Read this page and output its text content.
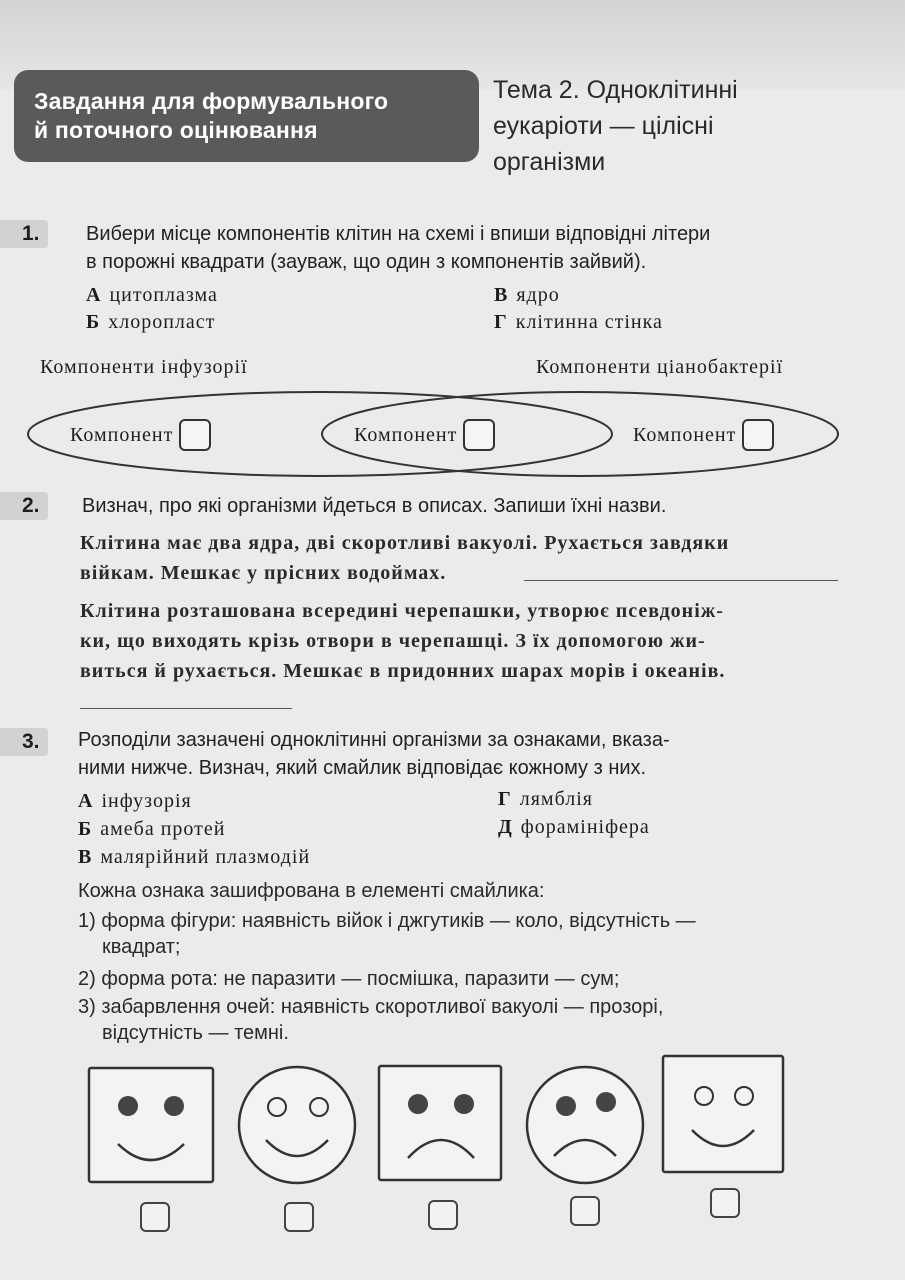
Завдання для формувального
й поточного оцінювання
Тема 2. Одноклітинні
еукаріоти — цілісні
організми
1.	Вибери місце компонентів клітин на схемі і впиши відповідні літери
в порожні квадрати (зауваж, що один з компонентів зайвий).
А цитоплазма
Б хлоропласт
В ядро
Г клітинна стінка
Компоненти інфузорії	Компоненти ціанобактерії
Компонент	Компонент	Компонент
2.	Визнач, про які організми йдеться в описах. Запиши їхні назви.
Клітина має два ядра, дві скоротливі вакуолі. Рухається завдяки
війкам. Мешкає у прісних водоймах.
Клітина розташована всередині черепашки, утворює псевдоніж-
ки, що виходять крізь отвори в черепашці. З їх допомогою жи-
виться й рухається. Мешкає в придонних шарах морів і океанів.
3.	Розподіли зазначені одноклітинні організми за ознаками, вказа-
ними нижче. Визнач, який смайлик відповідає кожному з них.
А інфузорія
Б амеба протей
В малярійний плазмодій
Г лямблія
Д форамініфера
Кожна ознака зашифрована в елементі смайлика:
1) форма фігури: наявність війок і джгутиків — коло, відсутність —
квадрат;
2) форма рота: не паразити — посмішка, паразити — сум;
3) забарвлення очей: наявність скоротливої вакуолі — прозорі,
відсутність — темні.
